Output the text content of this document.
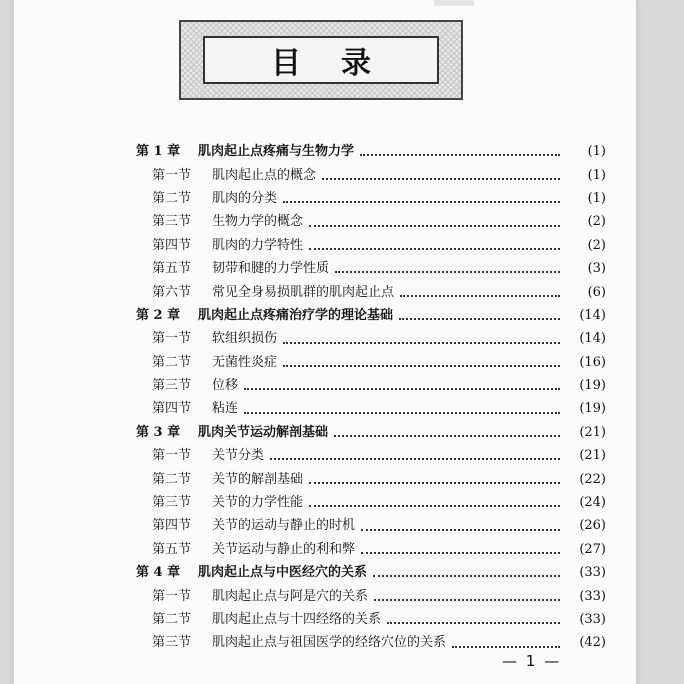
目录
第 1 章	肌肉起止点疼痛与生物力学	(1)
第一节	肌肉起止点的概念	(1)
第二节	肌肉的分类	(1)
第三节	生物力学的概念	(2)
第四节	肌肉的力学特性	(2)
第五节	韧带和腱的力学性质	(3)
第六节	常见全身易损肌群的肌肉起止点	(6)
第 2 章	肌肉起止点疼痛治疗学的理论基础	(14)
第一节	软组织损伤	(14)
第二节	无菌性炎症	(16)
第三节	位移	(19)
第四节	粘连	(19)
第 3 章	肌肉关节运动解剖基础	(21)
第一节	关节分类	(21)
第二节	关节的解剖基础	(22)
第三节	关节的力学性能	(24)
第四节	关节的运动与静止的时机	(26)
第五节	关节运动与静止的利和弊	(27)
第 4 章	肌肉起止点与中医经穴的关系	(33)
第一节	肌肉起止点与阿是穴的关系	(33)
第二节	肌肉起止点与十四经络的关系	(33)
第三节	肌肉起止点与祖国医学的经络穴位的关系	(42)
— 1 —
